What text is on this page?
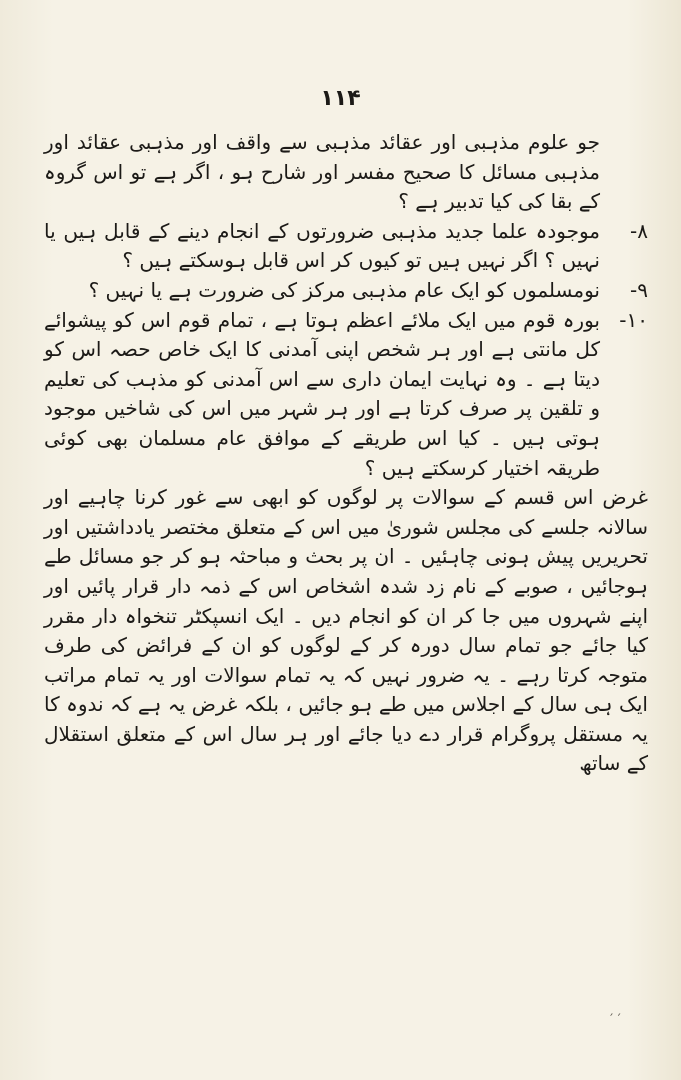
۱۱۴

جو علوم مذہبی اور عقائد مذہبی سے واقف اور مذہبی عقائد اور مذہبی مسائل کا صحیح مفسر اور شارح ہو ، اگر ہے تو اس گروہ کے بقا کی کیا تدبیر ہے ؟

۸-
موجودہ علما جدید مذہبی ضرورتوں کے انجام دینے کے قابل ہیں یا نہیں ؟ اگر نہیں ہیں تو کیوں کر اس قابل ہوسکتے ہیں ؟
۹-
نومسلموں کو ایک عام مذہبی مرکز کی ضرورت ہے یا نہیں ؟
۱۰-
بورہ قوم میں ایک ملائے اعظم ہوتا ہے ، تمام قوم اس کو پیشوائے کل مانتی ہے اور ہر شخص اپنی آمدنی کا ایک خاص حصہ اس کو دیتا ہے ۔ وہ نہایت ایمان داری سے اس آمدنی کو مذہب کی تعلیم و تلقین پر صرف کرتا ہے اور ہر شہر میں اس کی شاخیں موجود ہوتی ہیں ۔ کیا اس طریقے کے موافق عام مسلمان بھی کوئی طریقہ اختیار کرسکتے ہیں ؟

غرض اس قسم کے سوالات پر لوگوں کو ابھی سے غور کرنا چاہیے اور سالانہ جلسے کی مجلس شوریٰ میں اس کے متعلق مختصر یادداشتیں اور تحریریں پیش ہونی چاہئیں ۔ ان پر بحث و مباحثہ ہو کر جو مسائل طے ہوجائیں ، صوبے کے نام زد شدہ اشخاص اس کے ذمہ دار قرار پائیں اور اپنے شہروں میں جا کر ان کو انجام دیں ۔ ایک انسپکٹر تنخواہ دار مقرر کیا جائے جو تمام سال دورہ کر کے لوگوں کو ان کے فرائض کی طرف متوجہ کرتا رہے ۔ یہ ضرور نہیں کہ یہ تمام سوالات اور یہ تمام مراتب ایک ہی سال کے اجلاس میں طے ہو جائیں ، بلکہ غرض یہ ہے کہ ندوہ کا یہ مستقل پروگرام قرار دے دیا جائے اور ہر سال اس کے متعلق استقلال کے ساتھ

′ ′
